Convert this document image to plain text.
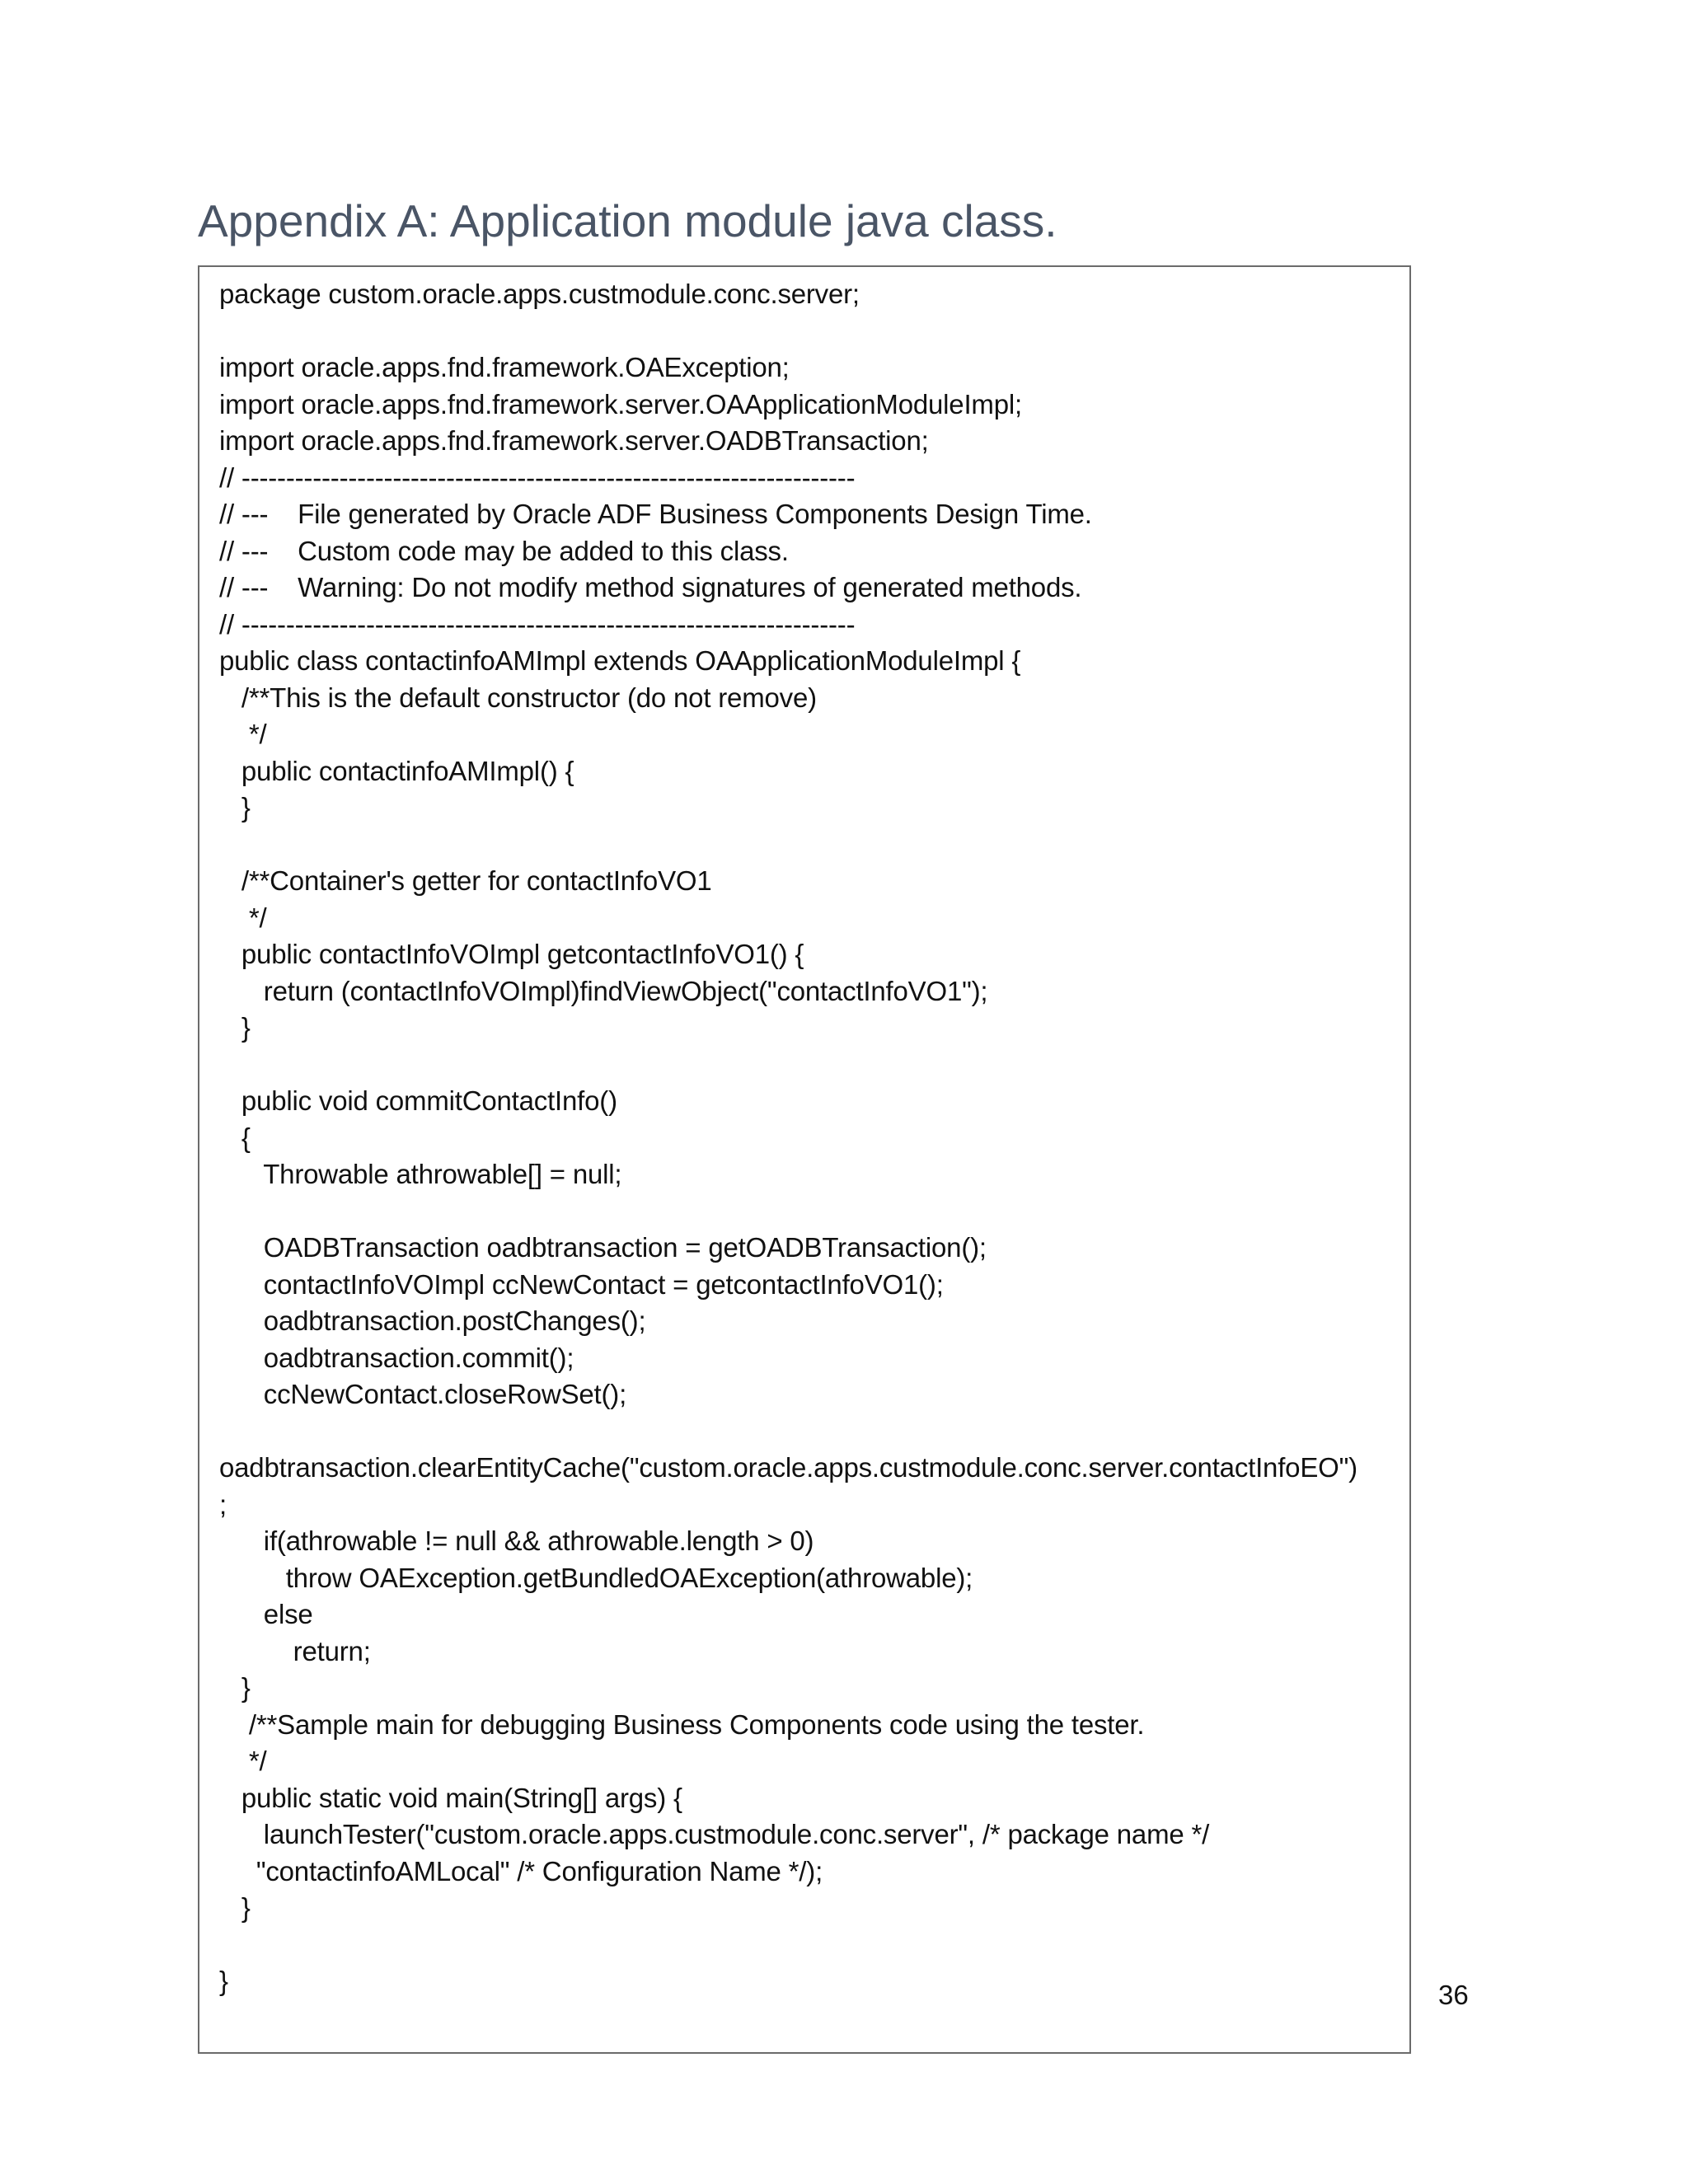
Appendix A: Application module java class.
package custom.oracle.apps.custmodule.conc.server;
import oracle.apps.fnd.framework.OAException;
import oracle.apps.fnd.framework.server.OAApplicationModuleImpl;
import oracle.apps.fnd.framework.server.OADBTransaction;
// ---------------------------------------------------------------------
// ---    File generated by Oracle ADF Business Components Design Time.
// ---    Custom code may be added to this class.
// ---    Warning: Do not modify method signatures of generated methods.
// ---------------------------------------------------------------------
public class contactinfoAMImpl extends OAApplicationModuleImpl {
/**This is the default constructor (do not remove)
*/
public contactinfoAMImpl() {
}
/**Container's getter for contactInfoVO1
*/
public contactInfoVOImpl getcontactInfoVO1() {
return (contactInfoVOImpl)findViewObject("contactInfoVO1");
}
public void commitContactInfo()
{
Throwable athrowable[] = null;
OADBTransaction oadbtransaction = getOADBTransaction();
contactInfoVOImpl ccNewContact = getcontactInfoVO1();
oadbtransaction.postChanges();
oadbtransaction.commit();
ccNewContact.closeRowSet();
oadbtransaction.clearEntityCache("custom.oracle.apps.custmodule.conc.server.contactInfoEO")
;
if(athrowable != null && athrowable.length > 0)
throw OAException.getBundledOAException(athrowable);
else
return;
}
/**Sample main for debugging Business Components code using the tester.
*/
public static void main(String[] args) {
launchTester("custom.oracle.apps.custmodule.conc.server", /* package name */
"contactinfoAMLocal" /* Configuration Name */);
}
}	36
